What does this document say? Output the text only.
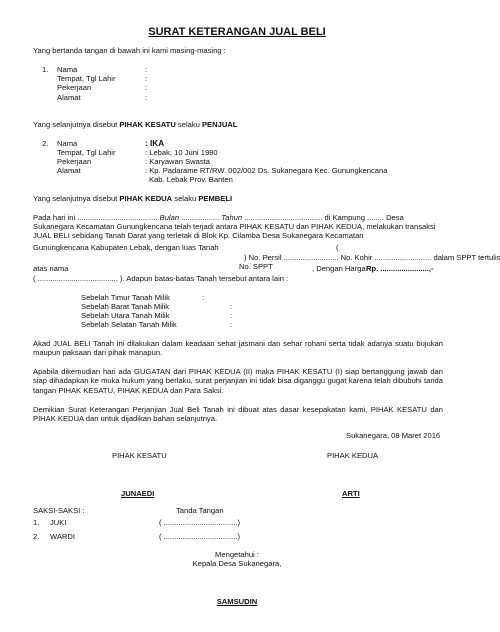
SURAT KETERANGAN JUAL BELI
Yang bertanda tangan di bawah ini kami masing-masing :
1. Nama	:
Tempat, Tgl Lahir	:
Pekerjaan	:
Alamat	:
Yang selanjutnya disebut PIHAK KESATU selaku PENJUAL
2. Nama	: IKA
Tempat, Tgl Lahir	: Lebak, 10 Juni 1980
Pekerjaan	: Karyawan Swasta
Alamat	: Kp. Padarame RT/RW. 002/002 Ds. Sukanegara Kec. Gunungkencana
Kab. Lebak Prov. Banten
Yang selanjutnya disebut PIHAK KEDUA selaku PEMBELI
Pada hari ini ...................................... Bulan .................. Tahun ..................................... di Kampung ........ Desa
Sukanegara Kecamatan Gunungkencana telah terjadi antara PIHAK KESATU dan PIHAK KEDUA, melakukan transaksi
JUAL BELI sebidang Tanah Darat yang terletak di Blok Kp. Cilamba Desa Sukanegara Kecamatan
Gunungkencana Kabupaten Lebak, dengan luas Tanah	(
) No. Persil .......................... No. Kohir ........................... dalam SPPT tertulis
atas nama	No. SPPT	, Dengan Harga Rp. .......................,-
( ...................................... ). Adapun batas-batas Tanah tersebut antara lain :
Sebelah Timur Tanah Milik	:
Sebelah Barat Tanah Milik	:
Sebelah Utara Tanah Milik	:
Sebelah Selatan Tanah Milik	:
Akad JUAL BELI Tanah ini dilakukan dalam keadaan sehat jasmani dan sehar rohani serta tidak adanya suatu bujukan maupun paksaan dari pihak manapun.
Apabila dikemudian hari ada GUGATAN dari PIHAK KEDUA (II) maka PIHAK KESATU (I) siap bertanggung jawab dan siap dihadapkan ke muka hukum yang berlaku, surat perjanjian ini tidak bisa diganggu gugat karena telah dibubuhi tanda tangan PIHAK KESATU, PIHAK KEDUA dan Para Saksi.
Demikian Surat Keterangan Perjanjian Jual Beli Tanah ini dibuat atas dasar kesepakatan kami, PIHAK KESATU dan PIHAK KEDUA dan untuk dijadikan bahan selanjutnya.
Sukanegara, 08 Maret 2016
PIHAK KESATU	PIHAK KEDUA
JUNAEDI	ARTI
SAKSI-SAKSI :	Tanda Tangan
1. JUKI	( ...................................)
2. WARDI	( ...................................)
Mengetahui :
Kepala Desa Sukanegara,
SAMSUDIN
